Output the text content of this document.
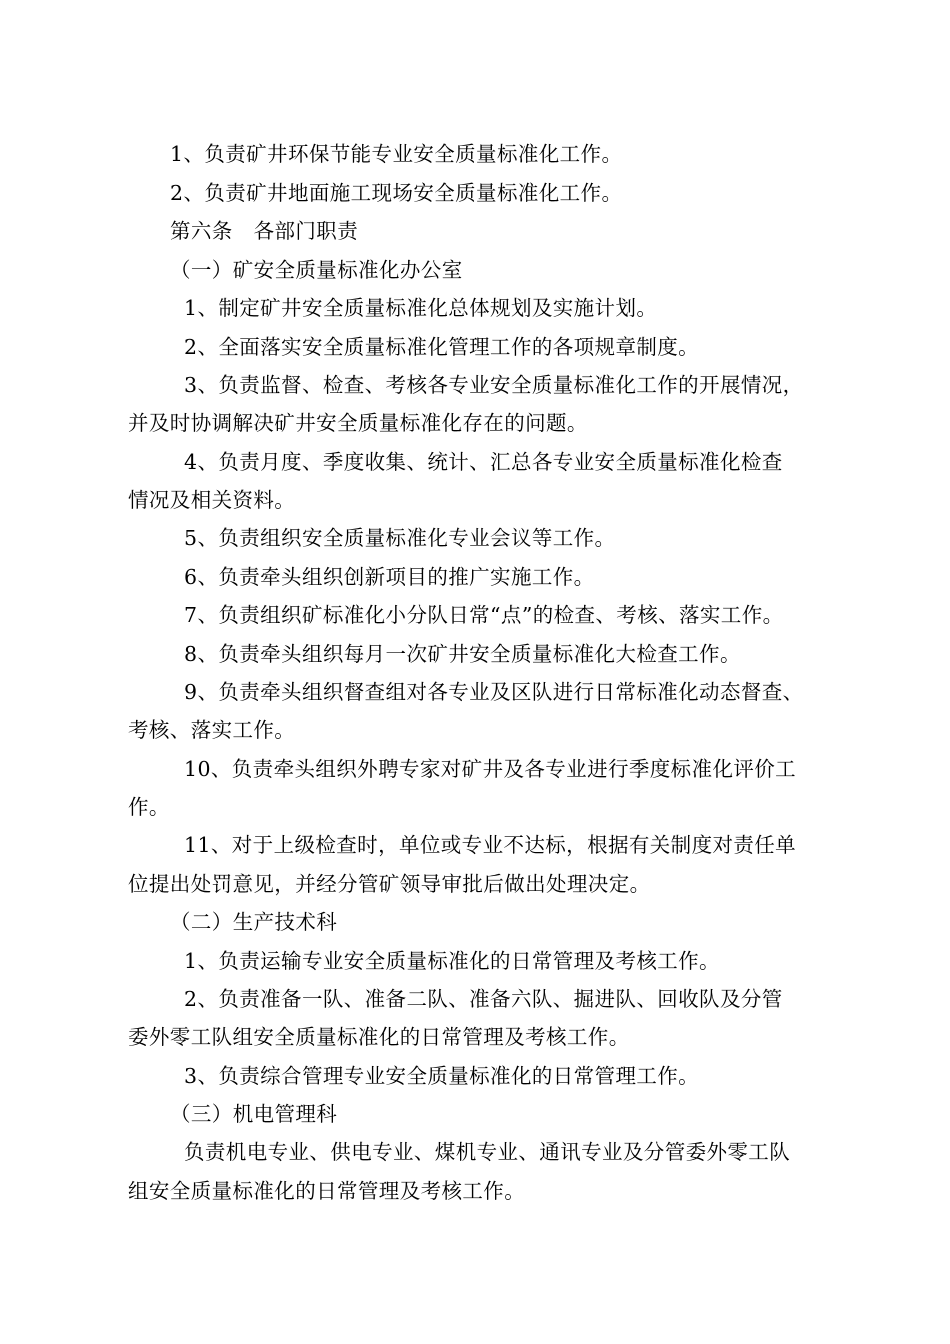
1、负责矿井环保节能专业安全质量标准化工作。
2、负责矿井地面施工现场安全质量标准化工作。
第六条　各部门职责
（一）矿安全质量标准化办公室
1、制定矿井安全质量标准化总体规划及实施计划。
2、全面落实安全质量标准化管理工作的各项规章制度。
3、负责监督、检查、考核各专业安全质量标准化工作的开展情况，
并及时协调解决矿井安全质量标准化存在的问题。
4、负责月度、季度收集、统计、汇总各专业安全质量标准化检查
情况及相关资料。
5、负责组织安全质量标准化专业会议等工作。
6、负责牵头组织创新项目的推广实施工作。
7、负责组织矿标准化小分队日常“点”的检查、考核、落实工作。
8、负责牵头组织每月一次矿井安全质量标准化大检查工作。
9、负责牵头组织督查组对各专业及区队进行日常标准化动态督查、
考核、落实工作。
10、负责牵头组织外聘专家对矿井及各专业进行季度标准化评价工
作。
11、对于上级检查时，单位或专业不达标，根据有关制度对责任单
位提出处罚意见，并经分管矿领导审批后做出处理决定。
（二）生产技术科
1、负责运输专业安全质量标准化的日常管理及考核工作。
2、负责准备一队、准备二队、准备六队、掘进队、回收队及分管
委外零工队组安全质量标准化的日常管理及考核工作。
3、负责综合管理专业安全质量标准化的日常管理工作。
（三）机电管理科
负责机电专业、供电专业、煤机专业、通讯专业及分管委外零工队
组安全质量标准化的日常管理及考核工作。
